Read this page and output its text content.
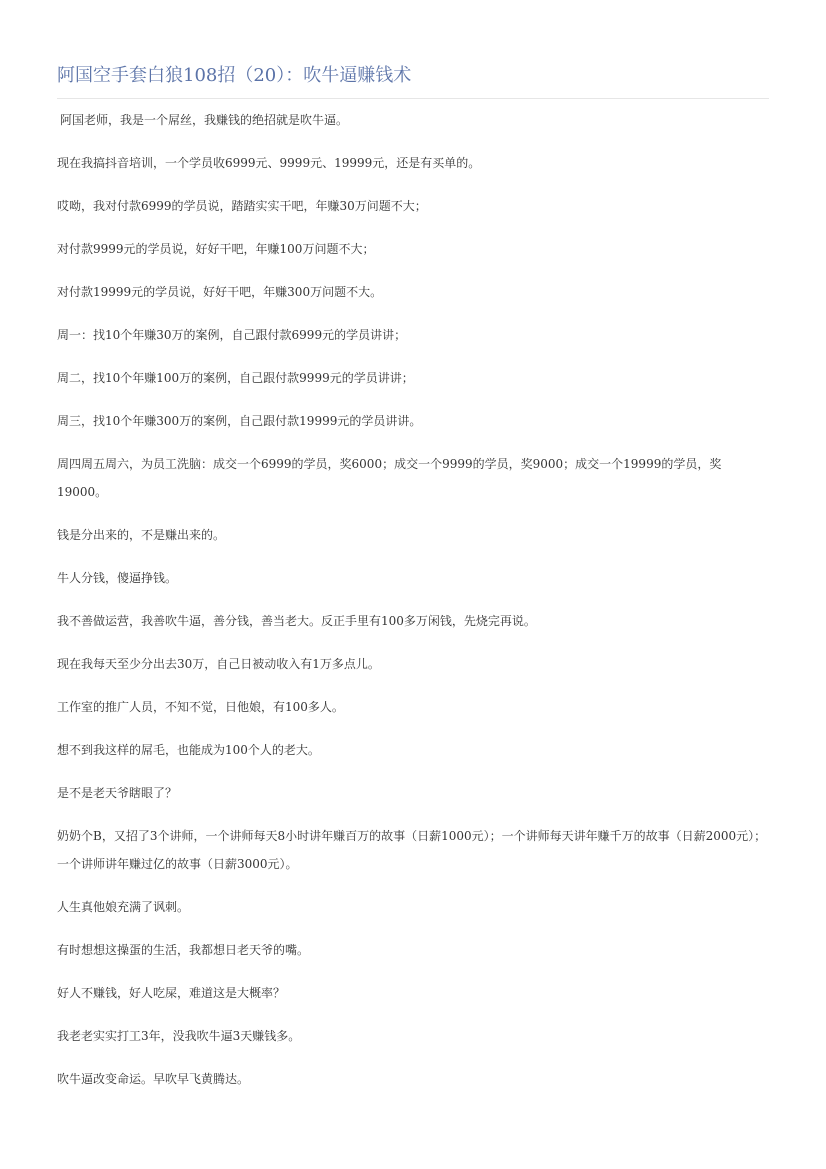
阿国空手套白狼108招（20）：吹牛逼赚钱术

阿国老师，我是一个屌丝，我赚钱的绝招就是吹牛逼。

现在我搞抖音培训，一个学员收6999元、9999元、19999元，还是有买单的。

哎呦，我对付款6999的学员说，踏踏实实干吧，年赚30万问题不大；

对付款9999元的学员说，好好干吧，年赚100万问题不大；

对付款19999元的学员说，好好干吧，年赚300万问题不大。

周一：找10个年赚30万的案例，自己跟付款6999元的学员讲讲；

周二，找10个年赚100万的案例，自己跟付款9999元的学员讲讲；

周三，找10个年赚300万的案例，自己跟付款19999元的学员讲讲。

周四周五周六，为员工洗脑：成交一个6999的学员，奖6000；成交一个9999的学员，奖9000；成交一个19999的学员，奖19000。

钱是分出来的，不是赚出来的。

牛人分钱，傻逼挣钱。

我不善做运营，我善吹牛逼，善分钱，善当老大。反正手里有100多万闲钱，先烧完再说。

现在我每天至少分出去30万，自己日被动收入有1万多点儿。

工作室的推广人员，不知不觉，日他娘，有100多人。

想不到我这样的屌毛，也能成为100个人的老大。

是不是老天爷瞎眼了？

奶奶个B，又招了3个讲师，一个讲师每天8小时讲年赚百万的故事（日薪1000元）；一个讲师每天讲年赚千万的故事（日薪2000元）；一个讲师讲年赚过亿的故事（日薪3000元）。

人生真他娘充满了讽刺。

有时想想这操蛋的生活，我都想日老天爷的嘴。

好人不赚钱，好人吃屎，难道这是大概率？

我老老实实打工3年，没我吹牛逼3天赚钱多。

吹牛逼改变命运。早吹早飞黄腾达。
